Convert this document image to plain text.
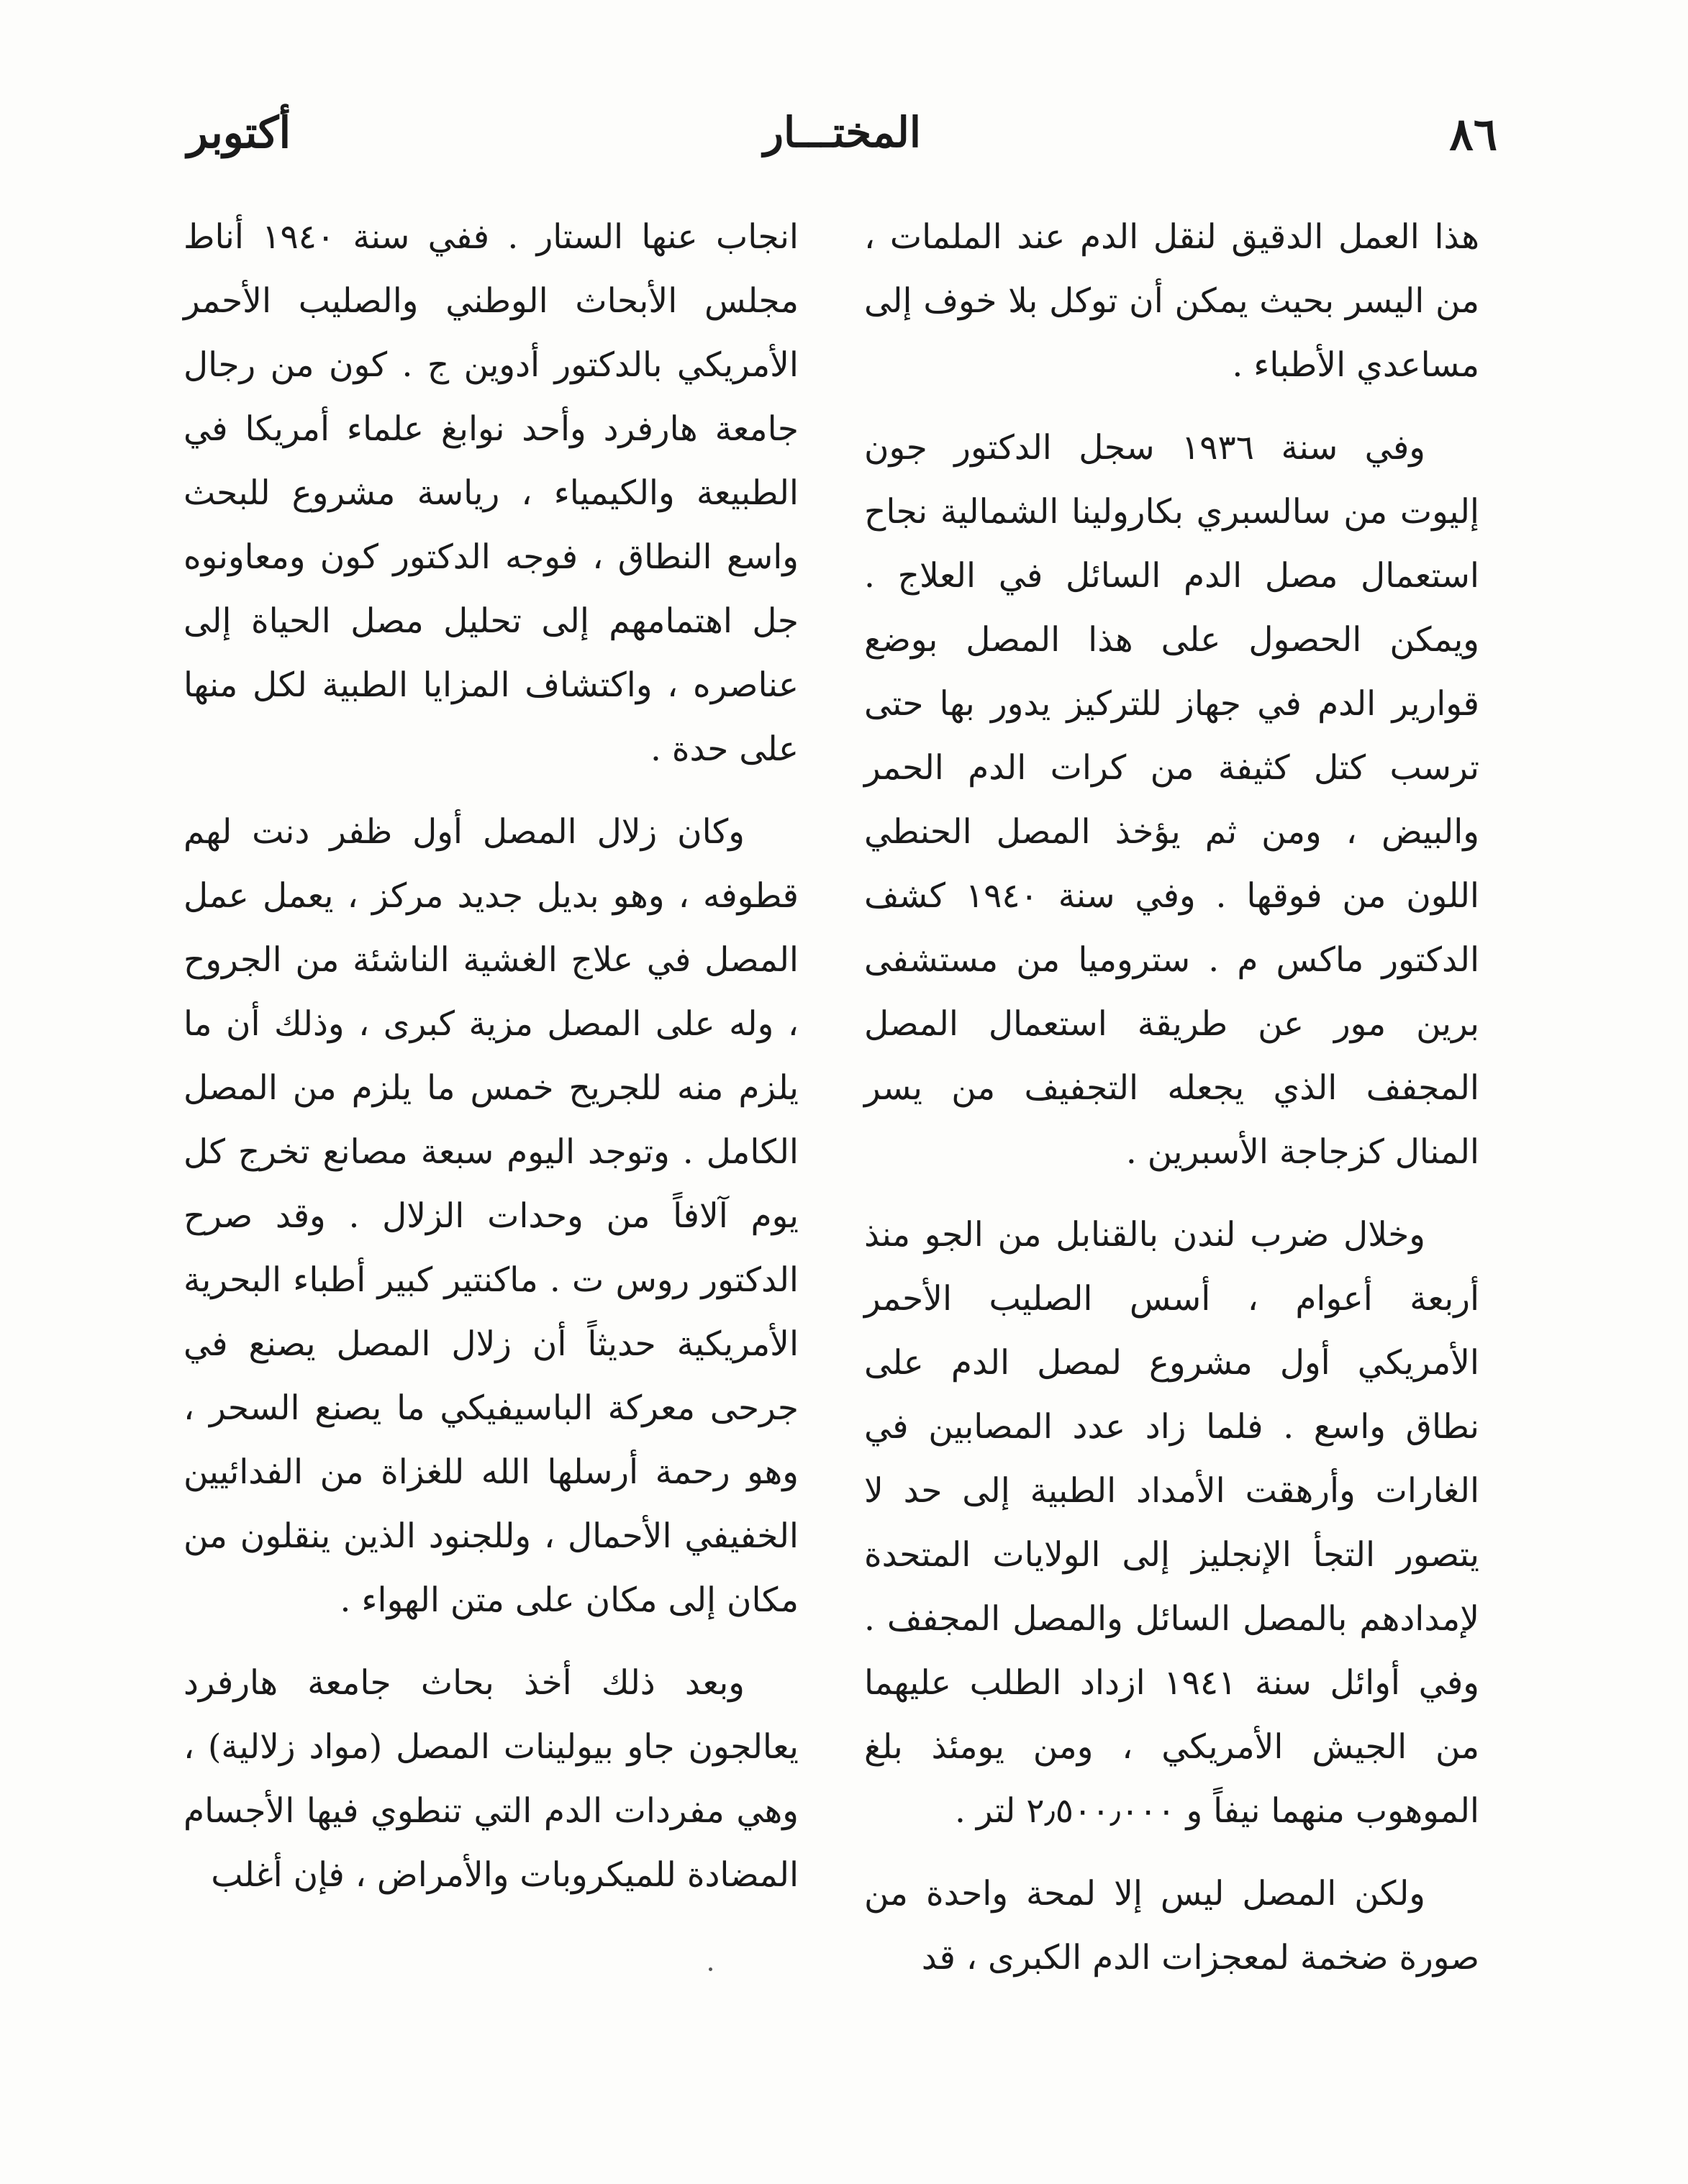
٨٦
المختـــار
أكتوبر

هذا العمل الدقيق لنقل الدم عند الملمات ، من اليسر بحيث يمكن أن توكل بلا خوف إلى مساعدي الأطباء .

وفي سنة ١٩٣٦ سجل الدكتور جون إليوت من سالسبري بكارولينا الشمالية نجاح استعمال مصل الدم السائل في العلاج . ويمكن الحصول على هذا المصل بوضع قوارير الدم في جهاز للتركيز يدور بها حتى ترسب كتل كثيفة من كرات الدم الحمر والبيض ، ومن ثم يؤخذ المصل الحنطي اللون من فوقها . وفي سنة ١٩٤٠ كشف الدكتور ماكس م . ستروميا من مستشفى برين مور عن طريقة استعمال المصل المجفف الذي يجعله التجفيف من يسر المنال كزجاجة الأسبرين .

وخلال ضرب لندن بالقنابل من الجو منذ أربعة أعوام ، أسس الصليب الأحمر الأمريكي أول مشروع لمصل الدم على نطاق واسع . فلما زاد عدد المصابين في الغارات وأرهقت الأمداد الطبية إلى حد لا يتصور التجأ الإنجليز إلى الولايات المتحدة لإمدادهم بالمصل السائل والمصل المجفف . وفي أوائل سنة ١٩٤١ ازداد الطلب عليهما من الجيش الأمريكي ، ومن يومئذ بلغ الموهوب منهما نيفاً و ٢٫٥٠٠٫٠٠٠ لتر .

ولكن المصل ليس إلا لمحة واحدة من صورة ضخمة لمعجزات الدم الكبرى ، قد

انجاب عنها الستار . ففي سنة ١٩٤٠ أناط مجلس الأبحاث الوطني والصليب الأحمر الأمريكي بالدكتور أدوين ج . كون من رجال جامعة هارفرد وأحد نوابغ علماء أمريكا في الطبيعة والكيمياء ، رياسة مشروع للبحث واسع النطاق ، فوجه الدكتور كون ومعاونوه جل اهتمامهم إلى تحليل مصل الحياة إلى عناصره ، واكتشاف المزايا الطبية لكل منها على حدة .

وكان زلال المصل أول ظفر دنت لهم قطوفه ، وهو بديل جديد مركز ، يعمل عمل المصل في علاج الغشية الناشئة من الجروح ، وله على المصل مزية كبرى ، وذلك أن ما يلزم منه للجريح خمس ما يلزم من المصل الكامل . وتوجد اليوم سبعة مصانع تخرج كل يوم آلافاً من وحدات الزلال . وقد صرح الدكتور روس ت . ماكنتير كبير أطباء البحرية الأمريكية حديثاً أن زلال المصل يصنع في جرحى معركة الباسيفيكي ما يصنع السحر ، وهو رحمة أرسلها الله للغزاة من الفدائيين الخفيفي الأحمال ، وللجنود الذين ينقلون من مكان إلى مكان على متن الهواء .

وبعد ذلك أخذ بحاث جامعة هارفرد يعالجون جاو بيولينات المصل (مواد زلالية) ، وهي مفردات الدم التي تنطوي فيها الأجسام المضادة للميكروبات والأمراض ، فإن أغلب
